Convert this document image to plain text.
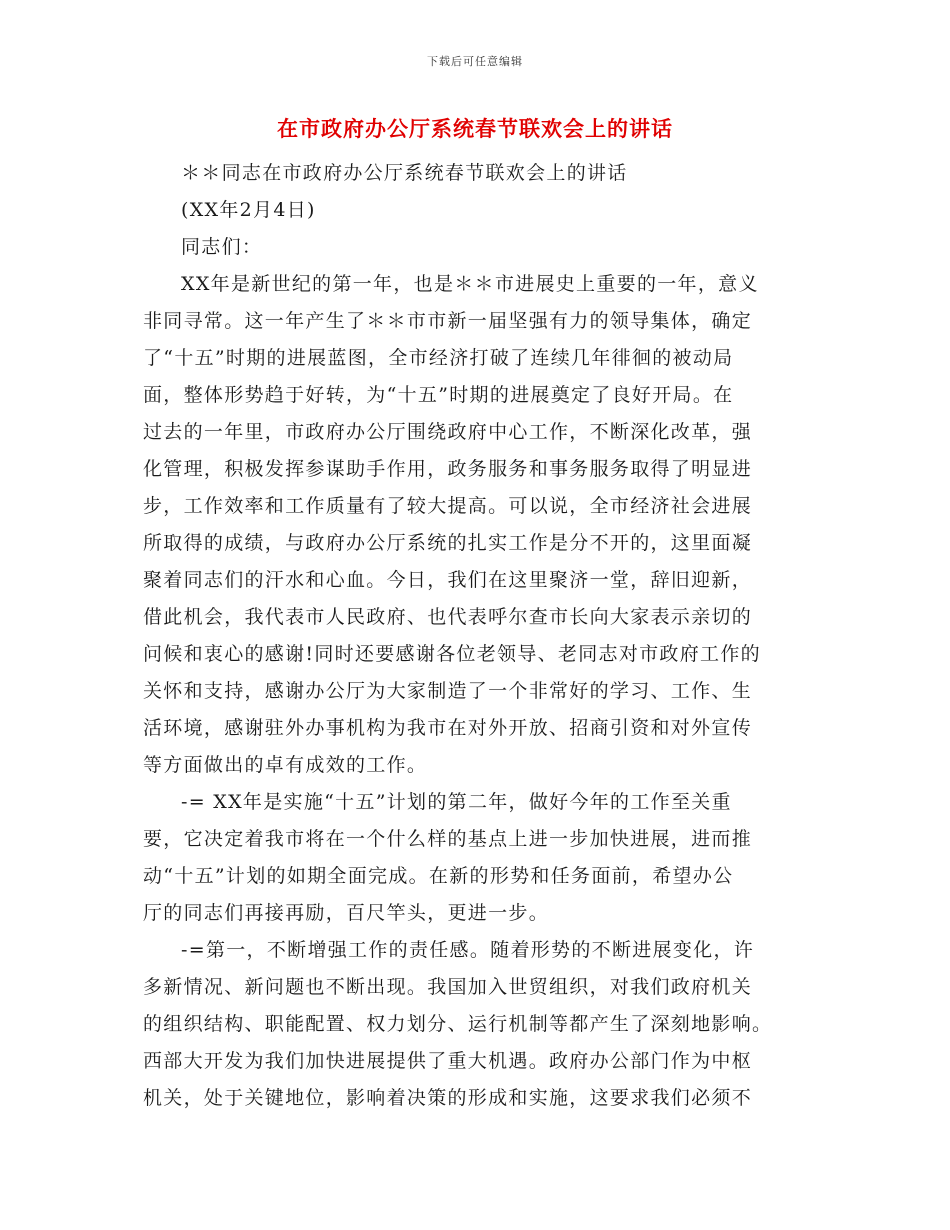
下载后可任意编辑
在市政府办公厅系统春节联欢会上的讲话
＊＊同志在市政府办公厅系统春节联欢会上的讲话
(XX年2月4日)
同志们：
XX年是新世纪的第一年，也是＊＊市进展史上重要的一年，意义
非同寻常。这一年产生了＊＊市市新一届坚强有力的领导集体，确定
了“十五”时期的进展蓝图，全市经济打破了连续几年徘徊的被动局
面，整体形势趋于好转，为“十五”时期的进展奠定了良好开局。在
过去的一年里，市政府办公厅围绕政府中心工作，不断深化改革，强
化管理，积极发挥参谋助手作用，政务服务和事务服务取得了明显进
步，工作效率和工作质量有了较大提高。可以说，全市经济社会进展
所取得的成绩，与政府办公厅系统的扎实工作是分不开的，这里面凝
聚着同志们的汗水和心血。今日，我们在这里聚济一堂，辞旧迎新，
借此机会，我代表市人民政府、也代表呼尔查市长向大家表示亲切的
问候和衷心的感谢!同时还要感谢各位老领导、老同志对市政府工作的
关怀和支持，感谢办公厅为大家制造了一个非常好的学习、工作、生
活环境，感谢驻外办事机构为我市在对外开放、招商引资和对外宣传
等方面做出的卓有成效的工作。
-= XX年是实施“十五”计划的第二年，做好今年的工作至关重
要，它决定着我市将在一个什么样的基点上进一步加快进展，进而推
动“十五”计划的如期全面完成。在新的形势和任务面前，希望办公
厅的同志们再接再励，百尺竿头，更进一步。
-=第一，不断增强工作的责任感。随着形势的不断进展变化，许
多新情况、新问题也不断出现。我国加入世贸组织，对我们政府机关
的组织结构、职能配置、权力划分、运行机制等都产生了深刻地影响。
西部大开发为我们加快进展提供了重大机遇。政府办公部门作为中枢
机关，处于关键地位，影响着决策的形成和实施，这要求我们必须不
